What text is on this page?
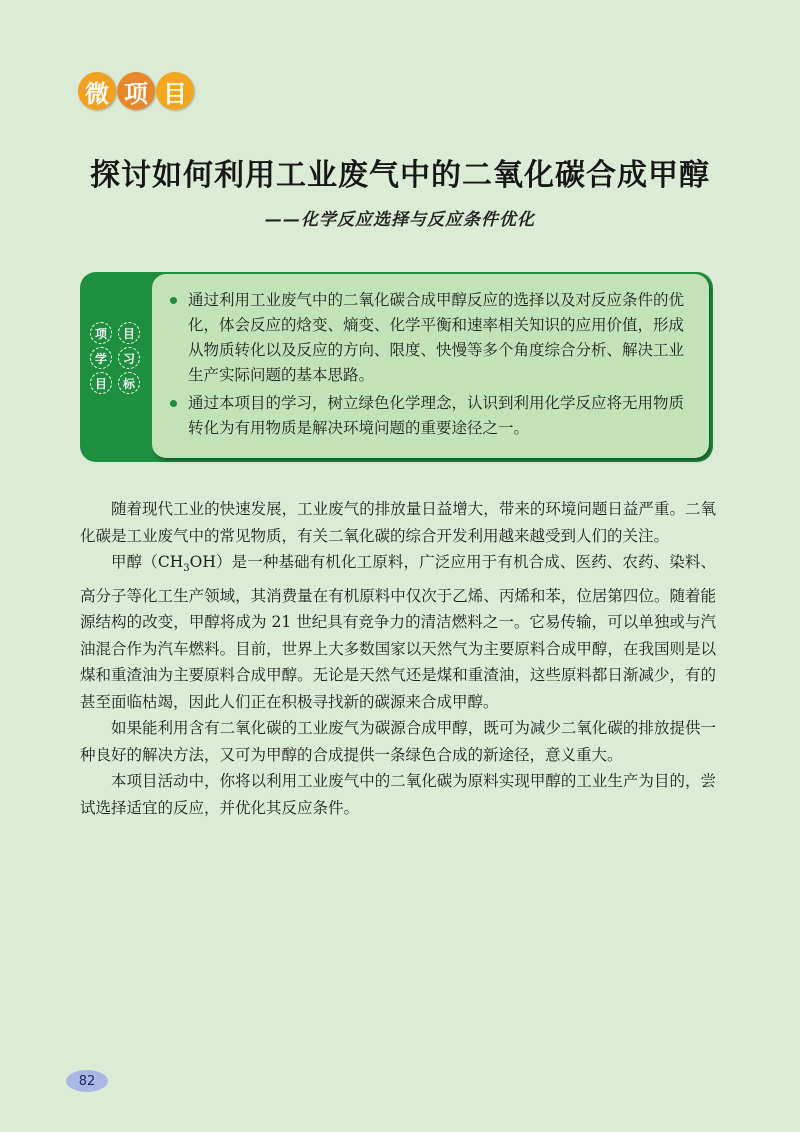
微 项 目
探讨如何利用工业废气中的二氧化碳合成甲醇
——化学反应选择与反应条件优化
项
学
目
目
习
标
通过利用工业废气中的二氧化碳合成甲醇反应的选择以及对反应条件的优化，体会反应的焓变、熵变、化学平衡和速率相关知识的应用价值，形成从物质转化以及反应的方向、限度、快慢等多个角度综合分析、解决工业生产实际问题的基本思路。
通过本项目的学习，树立绿色化学理念，认识到利用化学反应将无用物质转化为有用物质是解决环境问题的重要途径之一。

随着现代工业的快速发展，工业废气的排放量日益增大，带来的环境问题日益严重。二氧化碳是工业废气中的常见物质，有关二氧化碳的综合开发利用越来越受到人们的关注。

甲醇$(CH_3OH)$是一种基础有机化工原料，广泛应用于有机合成、医药、农药、染料、高分子等化工生产领域，其消费量在有机原料中仅次于乙烯、丙烯和苯，位居第四位。随着能源结构的改变，甲醇将成为 21 世纪具有竞争力的清洁燃料之一。它易传输，可以单独或与汽油混合作为汽车燃料。目前，世界上大多数国家以天然气为主要原料合成甲醇，在我国则是以煤和重渣油为主要原料合成甲醇。无论是天然气还是煤和重渣油，这些原料都日渐减少，有的甚至面临枯竭，因此人们正在积极寻找新的碳源来合成甲醇。

如果能利用含有二氧化碳的工业废气为碳源合成甲醇，既可为减少二氧化碳的排放提供一种良好的解决方法，又可为甲醇的合成提供一条绿色合成的新途径，意义重大。

本项目活动中，你将以利用工业废气中的二氧化碳为原料实现甲醇的工业生产为目的，尝试选择适宜的反应，并优化其反应条件。

82
